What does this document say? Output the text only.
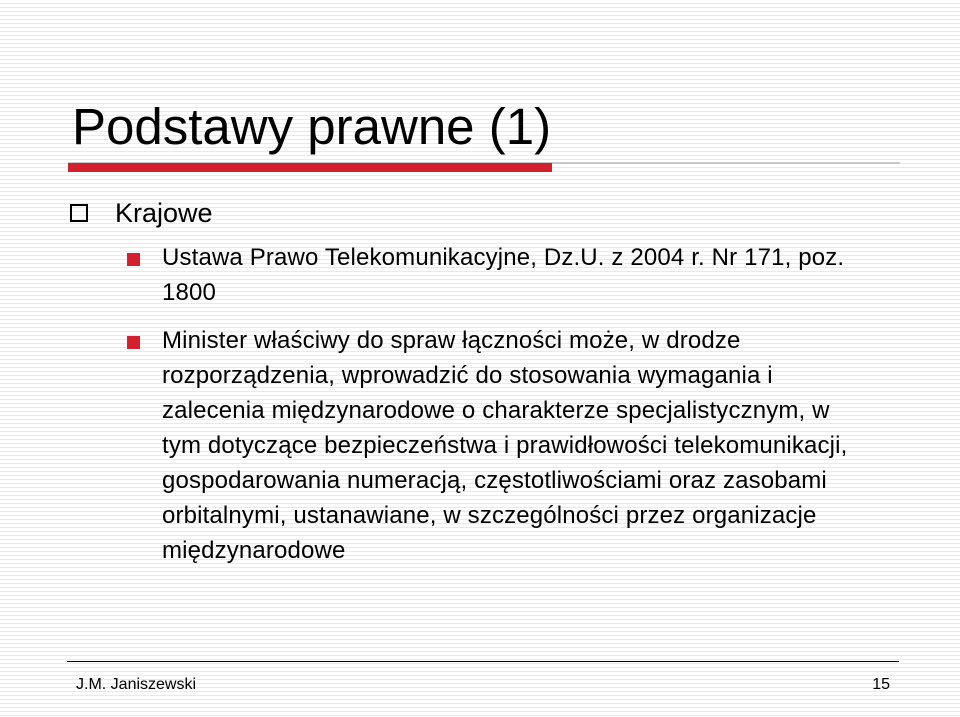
Podstawy prawne (1)
Krajowe
Ustawa Prawo Telekomunikacyjne, Dz.U. z 2004 r. Nr 171, poz. 1800
Minister właściwy do spraw łączności może, w drodze rozporządzenia, wprowadzić do stosowania wymagania i zalecenia międzynarodowe o charakterze specjalistycznym, w tym dotyczące bezpieczeństwa i prawidłowości telekomunikacji, gospodarowania numeracją, częstotliwościami oraz zasobami orbitalnymi, ustanawiane, w szczególności przez organizacje międzynarodowe
J.M. Janiszewski	15
